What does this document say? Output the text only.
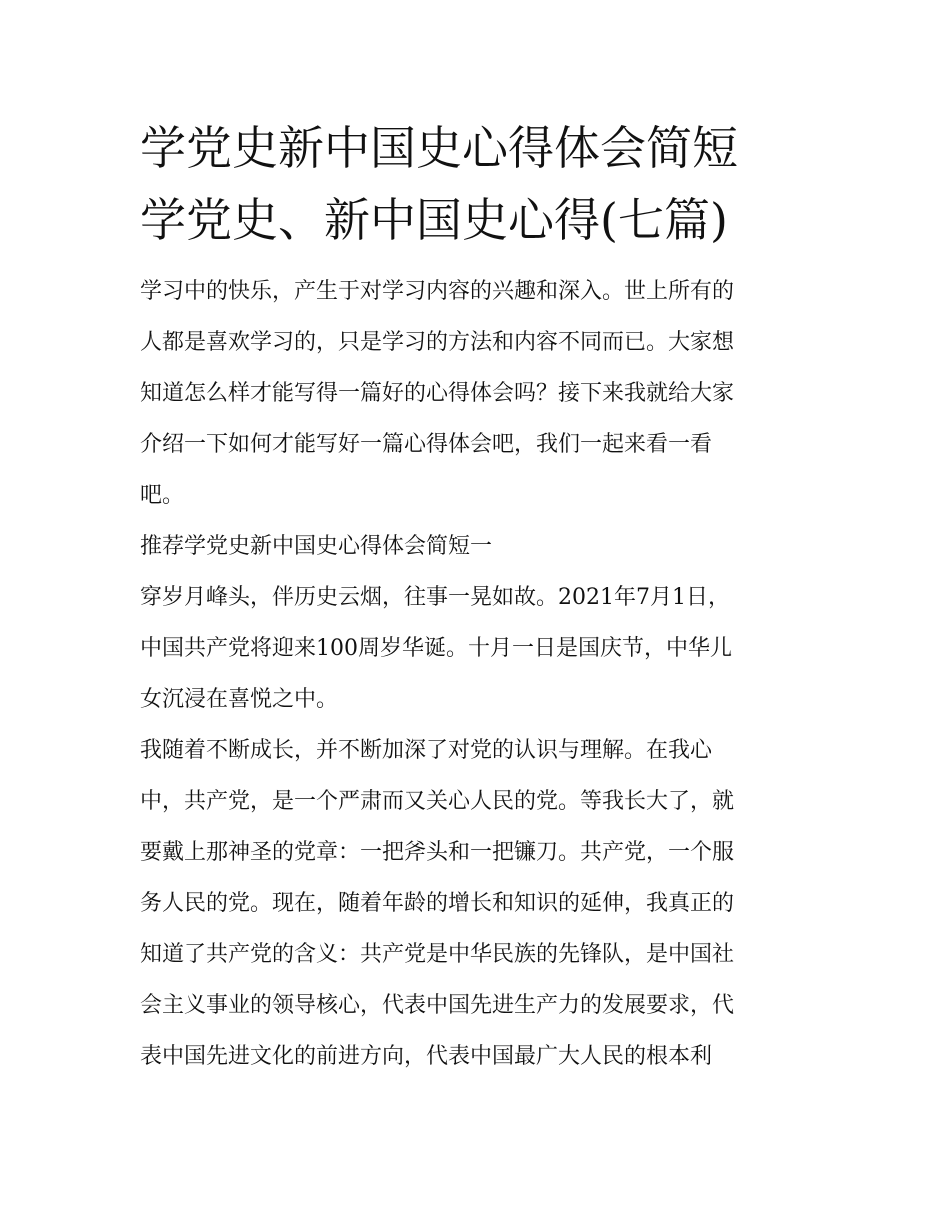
学党史新中国史心得体会简短
学党史、新中国史心得(七篇)

学习中的快乐，产生于对学习内容的兴趣和深入。世上所有的
人都是喜欢学习的，只是学习的方法和内容不同而已。大家想
知道怎么样才能写得一篇好的心得体会吗？接下来我就给大家
介绍一下如何才能写好一篇心得体会吧，我们一起来看一看
吧。

推荐学党史新中国史心得体会简短一

穿岁月峰头，伴历史云烟，往事一晃如故。2021年7月1日，
中国共产党将迎来100周岁华诞。十月一日是国庆节，中华儿
女沉浸在喜悦之中。

我随着不断成长，并不断加深了对党的认识与理解。在我心
中，共产党，是一个严肃而又关心人民的党。等我长大了，就
要戴上那神圣的党章：一把斧头和一把镰刀。共产党，一个服
务人民的党。现在，随着年龄的增长和知识的延伸，我真正的
知道了共产党的含义：共产党是中华民族的先锋队，是中国社
会主义事业的领导核心，代表中国先进生产力的发展要求，代
表中国先进文化的前进方向，代表中国最广大人民的根本利
